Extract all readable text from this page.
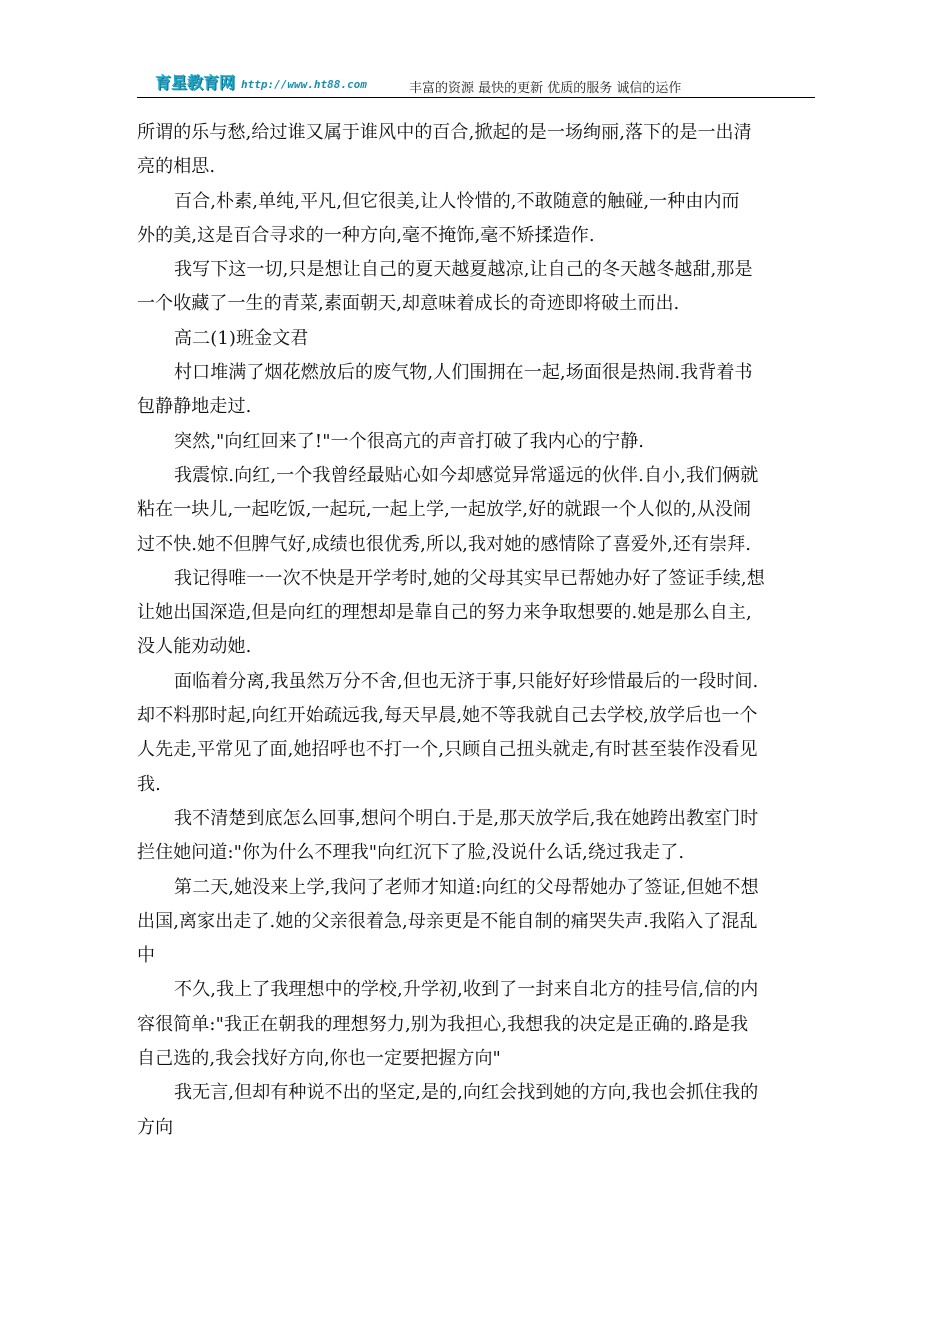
育星教育网 http://www.ht88.com	丰富的资源 最快的更新 优质的服务 诚信的运作
所谓的乐与愁,给过谁又属于谁风中的百合,掀起的是一场绚丽,落下的是一出清
亮的相思.
百合,朴素,单纯,平凡,但它很美,让人怜惜的,不敢随意的触碰,一种由内而
外的美,这是百合寻求的一种方向,毫不掩饰,毫不矫揉造作.
我写下这一切,只是想让自己的夏天越夏越凉,让自己的冬天越冬越甜,那是
一个收藏了一生的青菜,素面朝天,却意味着成长的奇迹即将破土而出.
高二(1)班金文君
村口堆满了烟花燃放后的废气物,人们围拥在一起,场面很是热闹.我背着书
包静静地走过.
突然,"向红回来了!"一个很高亢的声音打破了我内心的宁静.
我震惊.向红,一个我曾经最贴心如今却感觉异常遥远的伙伴.自小,我们俩就
粘在一块儿,一起吃饭,一起玩,一起上学,一起放学,好的就跟一个人似的,从没闹
过不快.她不但脾气好,成绩也很优秀,所以,我对她的感情除了喜爱外,还有崇拜.
我记得唯一一次不快是开学考时,她的父母其实早已帮她办好了签证手续,想
让她出国深造,但是向红的理想却是靠自己的努力来争取想要的.她是那么自主,
没人能劝动她.
面临着分离,我虽然万分不舍,但也无济于事,只能好好珍惜最后的一段时间.
却不料那时起,向红开始疏远我,每天早晨,她不等我就自己去学校,放学后也一个
人先走,平常见了面,她招呼也不打一个,只顾自己扭头就走,有时甚至装作没看见
我.
我不清楚到底怎么回事,想问个明白.于是,那天放学后,我在她跨出教室门时
拦住她问道:"你为什么不理我"向红沉下了脸,没说什么话,绕过我走了.
第二天,她没来上学,我问了老师才知道:向红的父母帮她办了签证,但她不想
出国,离家出走了.她的父亲很着急,母亲更是不能自制的痛哭失声.我陷入了混乱
中
不久,我上了我理想中的学校,升学初,收到了一封来自北方的挂号信,信的内
容很简单:"我正在朝我的理想努力,别为我担心,我想我的决定是正确的.路是我
自己选的,我会找好方向,你也一定要把握方向"
我无言,但却有种说不出的坚定,是的,向红会找到她的方向,我也会抓住我的
方向
